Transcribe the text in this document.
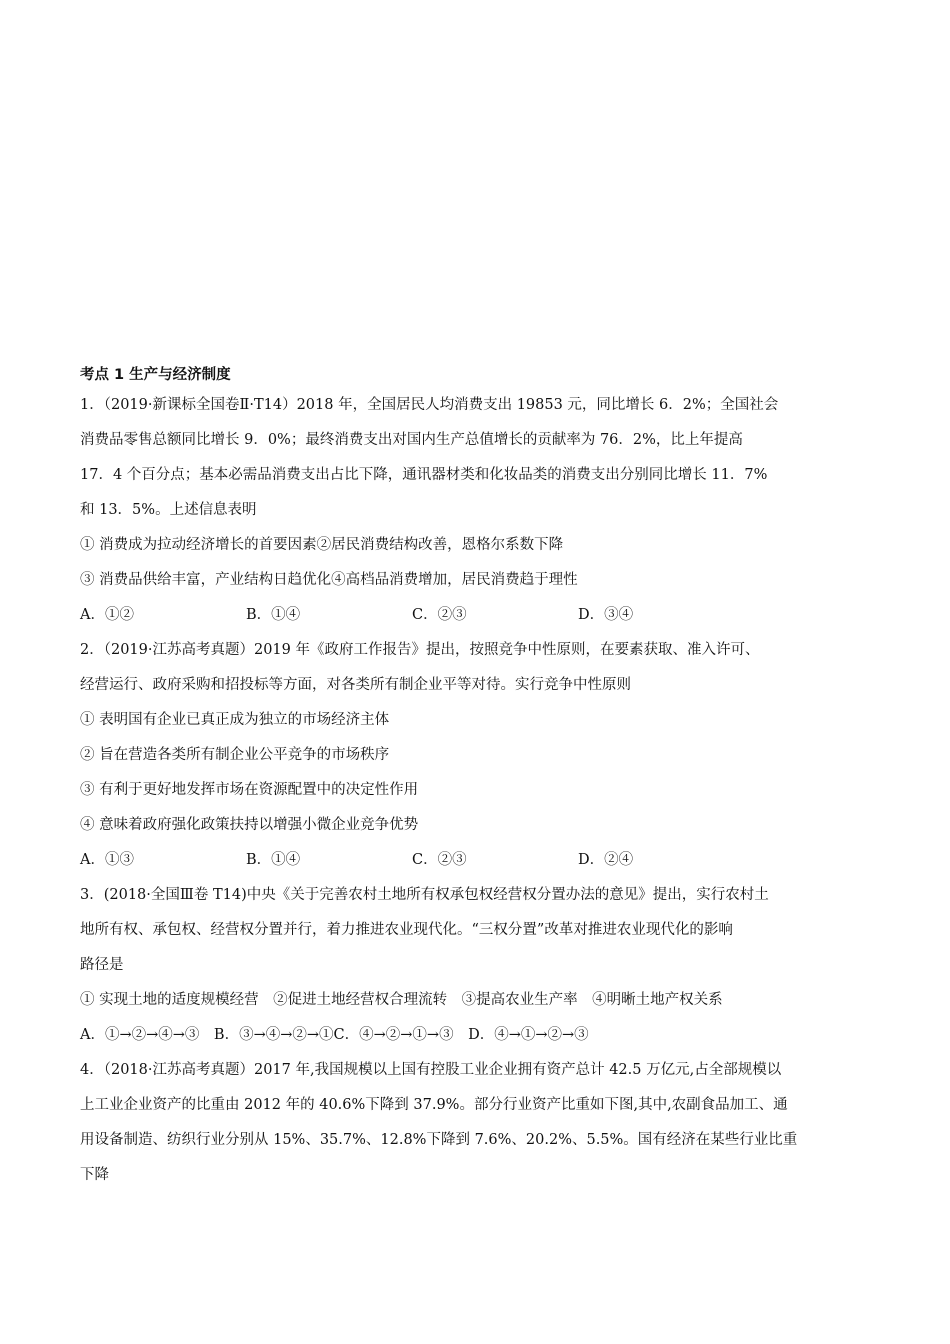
考点 1 生产与经济制度
1．（2019·新课标全国卷Ⅱ·T14）2018 年，全国居民人均消费支出 19853 元，同比增长 6．2%；全国社会
消费品零售总额同比增长 9．0%；最终消费支出对国内生产总值增长的贡献率为 76．2%，比上年提高
17．4 个百分点；基本必需品消费支出占比下降，通讯器材类和化妆品类的消费支出分别同比增长 11．7%
和 13．5%。上述信息表明
① 消费成为拉动经济增长的首要因素②居民消费结构改善，恩格尔系数下降
③ 消费品供给丰富，产业结构日趋优化④高档品消费增加，居民消费趋于理性
A．①②	B．①④	C．②③	D．③④
2．（2019·江苏高考真题）2019 年《政府工作报告》提出，按照竞争中性原则，在要素获取、准入许可、
经营运行、政府采购和招投标等方面，对各类所有制企业平等对待。实行竞争中性原则
① 表明国有企业已真正成为独立的市场经济主体
② 旨在营造各类所有制企业公平竞争的市场秩序
③ 有利于更好地发挥市场在资源配置中的决定性作用
④ 意味着政府强化政策扶持以增强小微企业竞争优势
A．①③	B．①④	C．②③	D．②④
3．(2018·全国Ⅲ卷 T14)中央《关于完善农村土地所有权承包权经营权分置办法的意见》提出，实行农村土
地所有权、承包权、经营权分置并行，着力推进农业现代化。“三权分置”改革对推进农业现代化的影响
路径是
① 实现土地的适度规模经营　②促进土地经营权合理流转　③提高农业生产率　④明晰土地产权关系
A．①→②→④→③　B．③→④→②→①C．④→②→①→③　D．④→①→②→③
4．（2018·江苏高考真题）2017 年,我国规模以上国有控股工业企业拥有资产总计 42.5 万亿元,占全部规模以
上工业企业资产的比重由 2012 年的 40.6%下降到 37.9%。部分行业资产比重如下图,其中,农副食品加工、通
用设备制造、纺织行业分别从 15%、35.7%、12.8%下降到 7.6%、20.2%、5.5%。国有经济在某些行业比重
下降
